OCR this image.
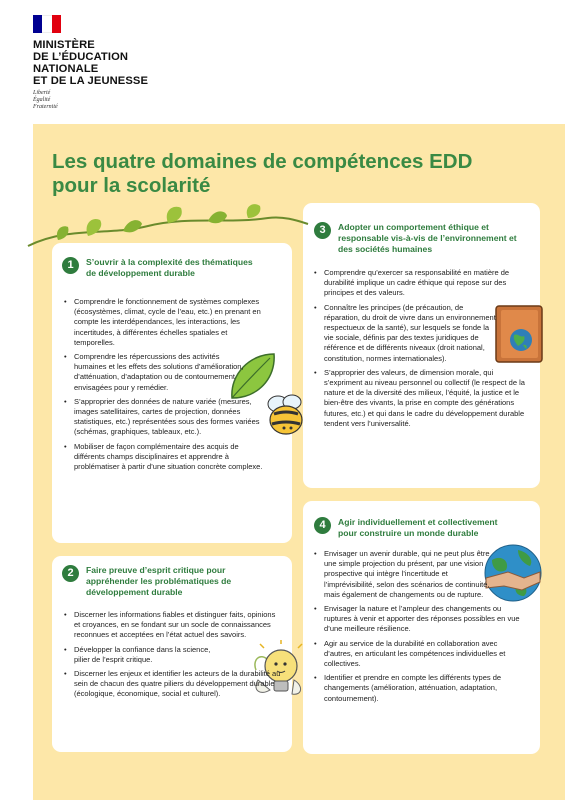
MINISTÈRE
DE L’ÉDUCATION
NATIONALE
ET DE LA JEUNESSE
Liberté
Égalité
Fraternité
Les quatre domaines de compétences EDD
pour la scolarité
1	S’ouvrir à la complexité des thématiques de développement durable
• Comprendre le fonctionnement de systèmes complexes (écosystèmes, climat, cycle de l’eau, etc.) en prenant en compte les interdépendances, les interactions, les incertitudes, à différentes échelles spatiales et temporelles.
• Comprendre les répercussions des activités humaines et les effets des solutions d’amélioration, d’atténuation, d’adaptation ou de contournement envisagées pour y remédier.
• S’approprier des données de nature variée (mesures, images satellitaires, cartes de projection, données statistiques, etc.) représentées sous des formes variées (schémas, graphiques, tableaux, etc.).
• Mobiliser de façon complémentaire des acquis de différents champs disciplinaires et apprendre à problématiser à partir d’une situation concrète complexe.
2	Faire preuve d’esprit critique pour appréhender les problématiques de développement durable
• Discerner les informations fiables et distinguer faits, opinions et croyances, en se fondant sur un socle de connaissances reconnues et acceptées en l’état actuel des savoirs.
• Développer la confiance dans la science, pilier de l’esprit critique.
• Discerner les enjeux et identifier les acteurs de la durabilité au sein de chacun des quatre piliers du développement durable (écologique, économique, social et culturel).
3	Adopter un comportement éthique et responsable vis-à-vis de l’environnement et des sociétés humaines
• Comprendre qu’exercer sa responsabilité en matière de durabilité implique un cadre éthique qui repose sur des principes et des valeurs.
• Connaître les principes (de précaution, de réparation, du droit de vivre dans un environnement respectueux de la santé), sur lesquels se fonde la vie sociale, définis par des textes juridiques de référence et de différents niveaux (droit national, constitution, normes internationales).
• S’approprier des valeurs, de dimension morale, qui s’expriment au niveau personnel ou collectif (le respect de la nature et de la diversité des milieux, l’équité, la justice et le bien-être des vivants, la prise en compte des générations futures, etc.) et qui dans le cadre du développement durable tendent vers l’universalité.
4	Agir individuellement et collectivement pour construire un monde durable
• Envisager un avenir durable, qui ne peut plus être une simple projection du présent, par une vision prospective qui intègre l’incertitude et l’imprévisibilité, selon des scénarios de continuité, mais également de changements ou de rupture.
• Envisager la nature et l’ampleur des changements ou ruptures à venir et apporter des réponses possibles en vue d’une meilleure résilience.
• Agir au service de la durabilité en collaboration avec d’autres, en articulant les compétences individuelles et collectives.
• Identifier et prendre en compte les différents types de changements (amélioration, atténuation, adaptation, contournement).
